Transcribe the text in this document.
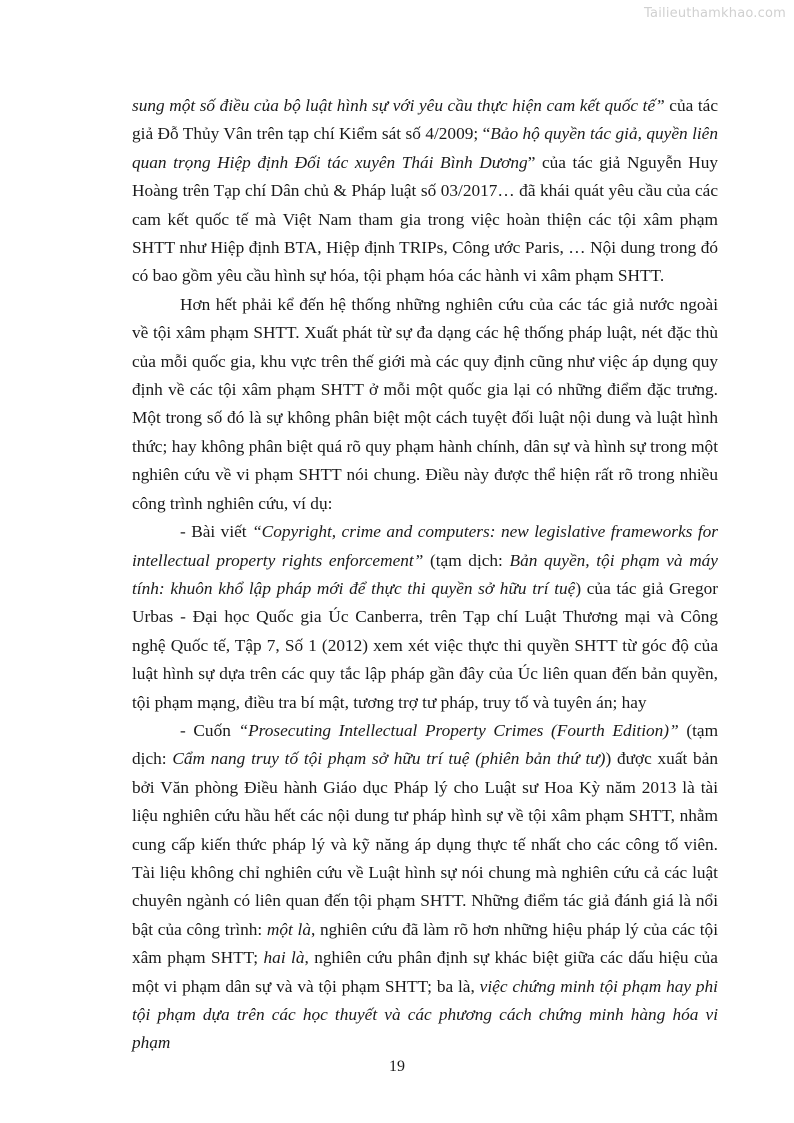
Tailieuthamkhao.com

sung một số điều của bộ luật hình sự với yêu cầu thực hiện cam kết quốc tế” của tác giả Đỗ Thủy Vân trên tạp chí Kiểm sát số 4/2009; “Bảo hộ quyền tác giả, quyền liên quan trọng Hiệp định Đối tác xuyên Thái Bình Dương” của tác giả Nguyễn Huy Hoàng trên Tạp chí Dân chủ & Pháp luật số 03/2017… đã khái quát yêu cầu của các cam kết quốc tế mà Việt Nam tham gia trong việc hoàn thiện các tội xâm phạm SHTT như Hiệp định BTA, Hiệp định TRIPs, Công ước Paris, … Nội dung trong đó có bao gồm yêu cầu hình sự hóa, tội phạm hóa các hành vi xâm phạm SHTT.

Hơn hết phải kể đến hệ thống những nghiên cứu của các tác giả nước ngoài về tội xâm phạm SHTT. Xuất phát từ sự đa dạng các hệ thống pháp luật, nét đặc thù của mỗi quốc gia, khu vực trên thế giới mà các quy định cũng như việc áp dụng quy định về các tội xâm phạm SHTT ở mỗi một quốc gia lại có những điểm đặc trưng. Một trong số đó là sự không phân biệt một cách tuyệt đối luật nội dung và luật hình thức; hay không phân biệt quá rõ quy phạm hành chính, dân sự và hình sự trong một nghiên cứu về vi phạm SHTT nói chung. Điều này được thể hiện rất rõ trong nhiều công trình nghiên cứu, ví dụ:

- Bài viết “Copyright, crime and computers: new legislative frameworks for intellectual property rights enforcement” (tạm dịch: Bản quyền, tội phạm và máy tính: khuôn khổ lập pháp mới để thực thi quyền sở hữu trí tuệ) của tác giả Gregor Urbas - Đại học Quốc gia Úc Canberra, trên Tạp chí Luật Thương mại và Công nghệ Quốc tế, Tập 7, Số 1 (2012) xem xét việc thực thi quyền SHTT từ góc độ của luật hình sự dựa trên các quy tắc lập pháp gần đây của Úc liên quan đến bản quyền, tội phạm mạng, điều tra bí mật, tương trợ tư pháp, truy tố và tuyên án; hay

- Cuốn “Prosecuting Intellectual Property Crimes (Fourth Edition)” (tạm dịch: Cẩm nang truy tố tội phạm sở hữu trí tuệ (phiên bản thứ tư)) được xuất bản bởi Văn phòng Điều hành Giáo dục Pháp lý cho Luật sư Hoa Kỳ năm 2013 là tài liệu nghiên cứu hầu hết các nội dung tư pháp hình sự về tội xâm phạm SHTT, nhằm cung cấp kiến thức pháp lý và kỹ năng áp dụng thực tế nhất cho các công tố viên. Tài liệu không chỉ nghiên cứu về Luật hình sự nói chung mà nghiên cứu cả các luật chuyên ngành có liên quan đến tội phạm SHTT. Những điểm tác giả đánh giá là nổi bật của công trình: một là, nghiên cứu đã làm rõ hơn những hiệu pháp lý của các tội xâm phạm SHTT; hai là, nghiên cứu phân định sự khác biệt giữa các dấu hiệu của một vi phạm dân sự và và tội phạm SHTT; ba là, việc chứng minh tội phạm hay phi tội phạm dựa trên các học thuyết và các phương cách chứng minh hàng hóa vi phạm

19
